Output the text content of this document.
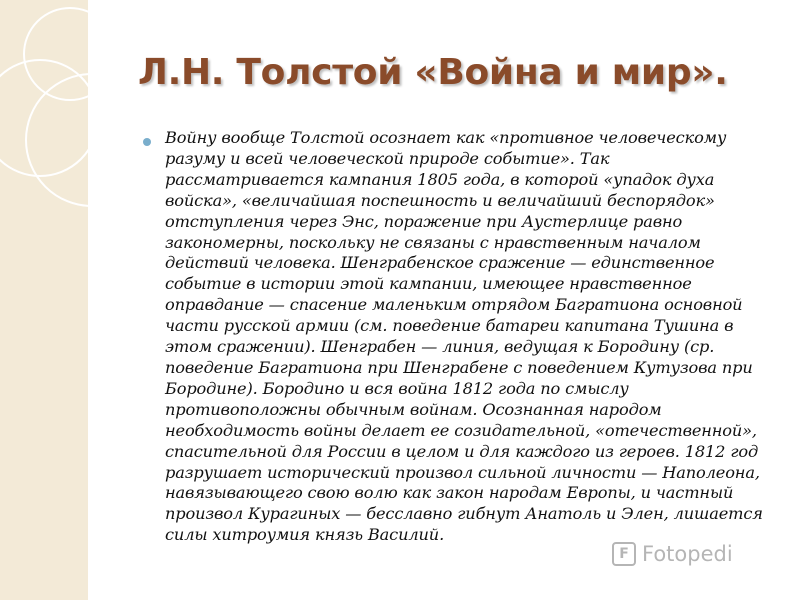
Л.Н. Толстой «Война и мир».

Войну вообще Толстой осознает как «противное человеческому разуму и всей человеческой природе событие». Так рассматривается кампания 1805 года, в которой «упадок духа войска», «величайшая поспешность и величайший беспорядок» отступления через Энс, поражение при Аустерлице равно закономерны, поскольку не связаны с нравственным началом действий человека. Шенграбенское сражение — единственное событие в истории этой кампании, имеющее нравственное оправдание — спасение маленьким отрядом Багратиона основной части русской армии (см. поведение батареи капитана Тушина в этом сражении). Шенграбен — линия, ведущая к Бородину (ср. поведение Багратиона при Шенграбене с поведением Кутузова при Бородине). Бородино и вся война 1812 года по смыслу противоположны обычным войнам. Осознанная народом необходимость войны делает ее созидательной, «отечественной», спасительной для России в целом и для каждого из героев. 1812 год разрушает исторический произвол сильной личности — Наполеона, навязывающего свою волю как закон народам Европы, и частный произвол Курагиных — бесславно гибнут Анатоль и Элен, лишается силы хитроумия князь Василий.

F Fotopedi
